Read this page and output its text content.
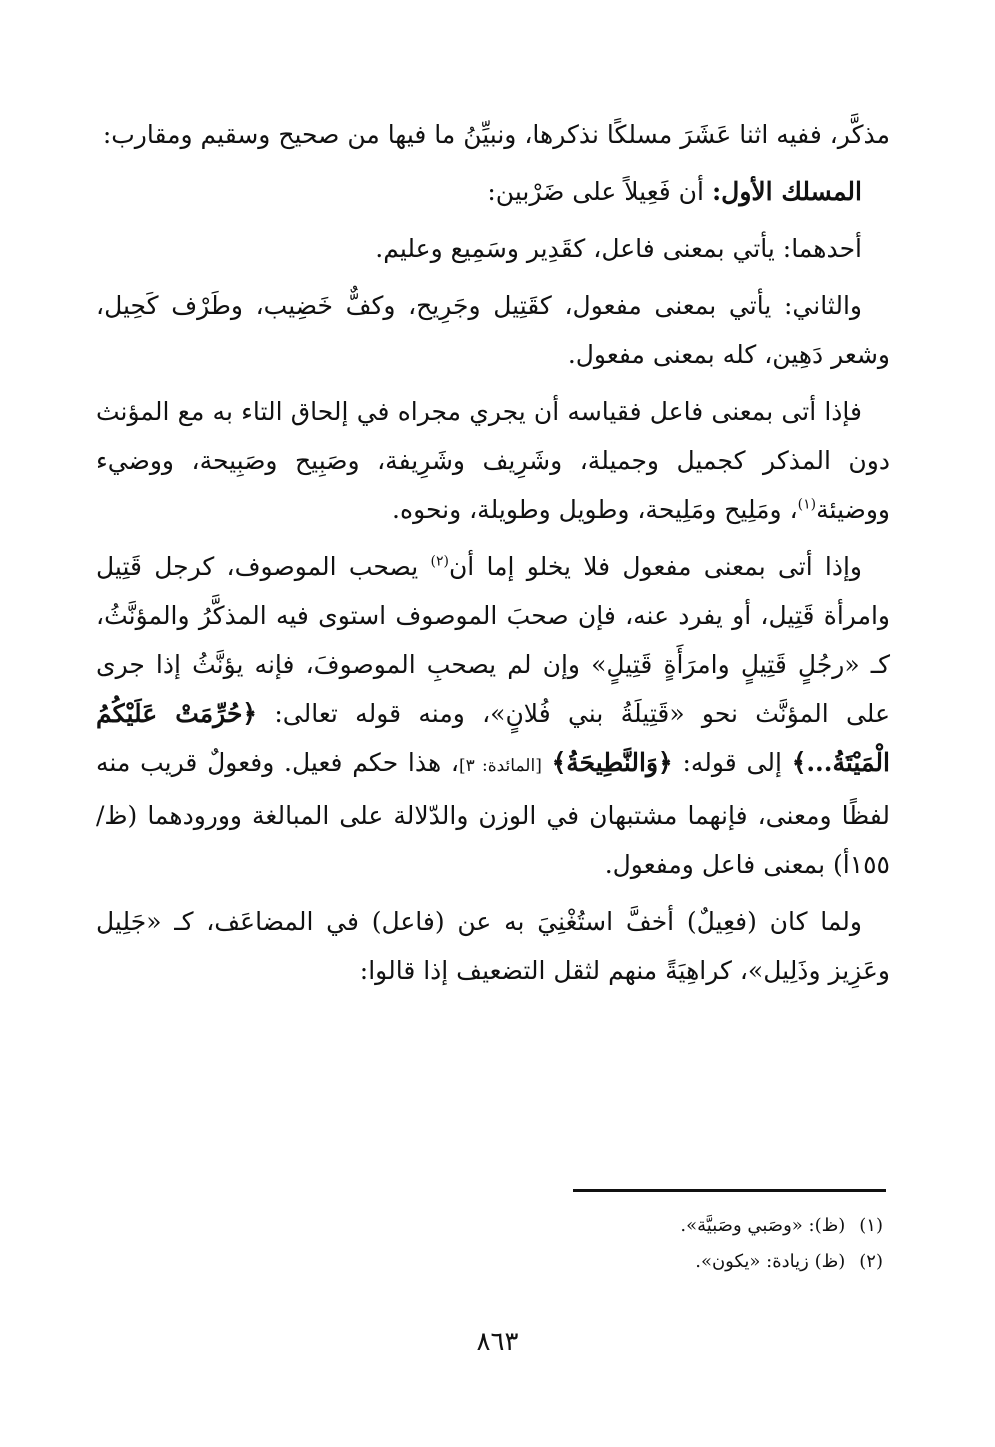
مذكَّر، ففيه اثنا عَشَرَ مسلكًا نذكرها، ونبيِّنُ ما فيها من صحيح وسقيم ومقارب:

المسلك الأول: أن فَعِيلاً على ضَرْبين:

أحدهما: يأتي بمعنى فاعل، كقَدِير وسَمِيع وعليم.

والثاني: يأتي بمعنى مفعول، كقَتِيل وجَرِيح، وكفٌّ خَضِيب، وطَرْف كَحِيل، وشعر دَهِين، كله بمعنى مفعول.

فإذا أتى بمعنى فاعل فقياسه أن يجري مجراه في إلحاق التاء به مع المؤنث دون المذكر كجميل وجميلة، وشَرِيف وشَرِيفة، وصَبِيح وصَبِيحة، ووضيء ووضيئة$^{(١)}$، ومَلِيح ومَلِيحة، وطويل وطويلة، ونحوه.

وإذا أتى بمعنى مفعول فلا يخلو إما أن$^{(٢)}$ يصحب الموصوف، كرجل قَتِيل وامرأة قَتِيل، أو يفرد عنه، فإن صحبَ الموصوف استوى فيه المذكَّرُ والمؤنَّثُ، كـ «رجُلٍ قَتِيلٍ وامرَأَةٍ قَتِيلٍ» وإن لم يصحبِ الموصوفَ، فإنه يؤنَّثُ إذا جرى على المؤنَّث نحو «قَتِيلَةُ بني فُلانٍ»، ومنه قوله تعالى: ﴿حُرِّمَتْ عَلَيْكُمُ الْمَيْتَةُ...﴾ إلى قوله: ﴿وَالنَّطِيحَةُ﴾ [المائدة: ٣]، هذا حكم فعيل. وفعولٌ قريب منه لفظًا ومعنى، فإنهما مشتبهان في الوزن والدّلالة على المبالغة وورودهما (ظ/١٥٥أ) بمعنى فاعل ومفعول.

ولما كان (فعِيلٌ) أخفَّ استُغْنِيَ به عن (فاعل) في المضاعَف، كـ «جَلِيل وعَزِيز وذَلِيل»، كراهِيَةً منهم لثقل التضعيف إذا قالوا:

(١)(ظ): «وصَبي وصَبيَّة».
(٢)(ظ) زيادة: «يكون».
٨٦٣
